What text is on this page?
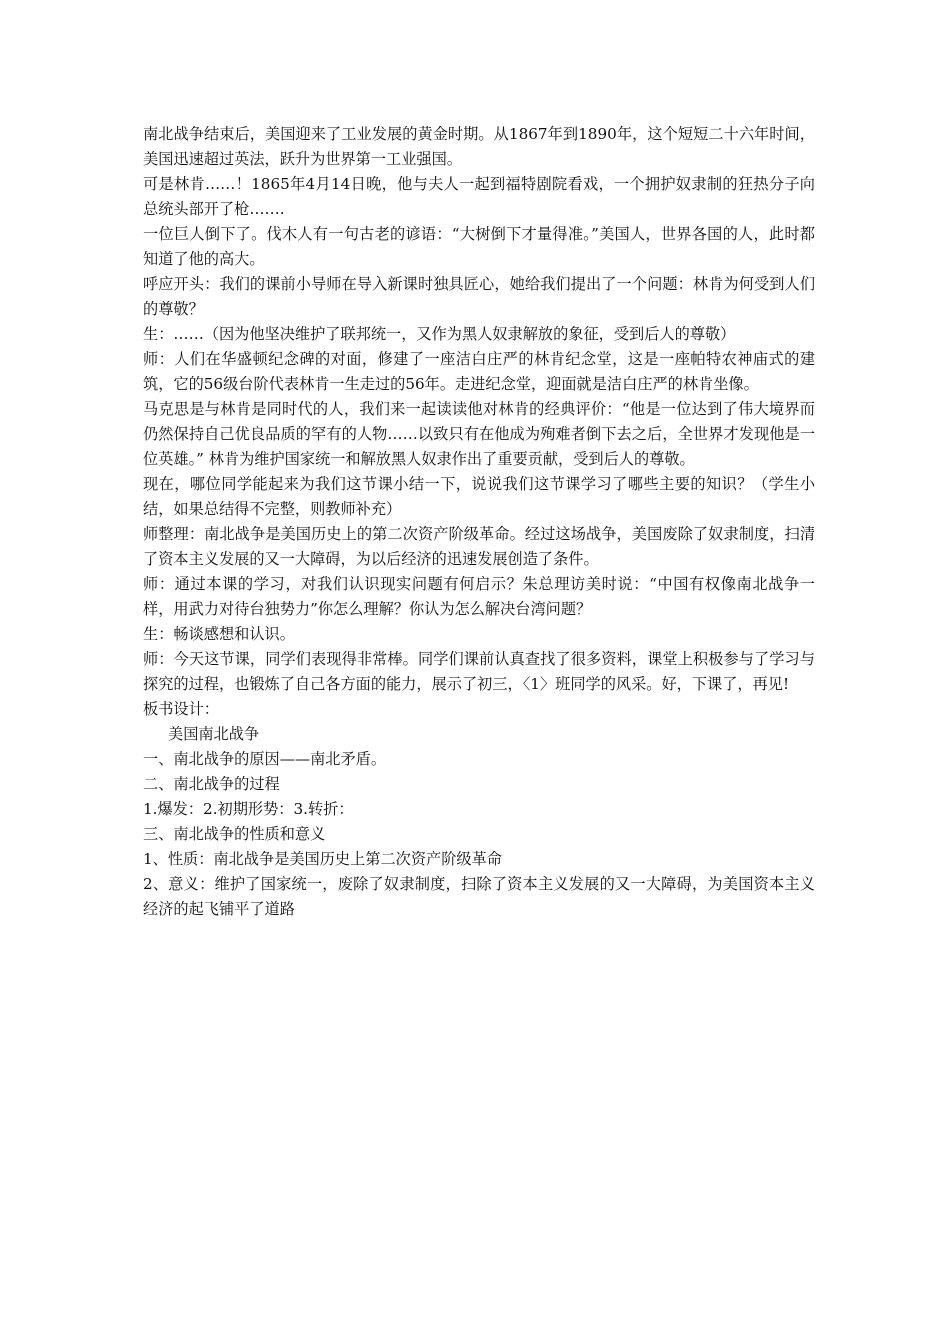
南北战争结束后，美国迎来了工业发展的黄金时期。从1867年到1890年，这个短短二十六年时间，美国迅速超过英法，跃升为世界第一工业强国。

可是林肯……！1865年4月14日晚，他与夫人一起到福特剧院看戏，一个拥护奴隶制的狂热分子向总统头部开了枪…….

一位巨人倒下了。伐木人有一句古老的谚语：“大树倒下才量得准。”美国人，世界各国的人，此时都知道了他的高大。

呼应开头：我们的课前小导师在导入新课时独具匠心，她给我们提出了一个问题：林肯为何受到人们的尊敬？

生：……（因为他坚决维护了联邦统一，又作为黑人奴隶解放的象征，受到后人的尊敬）

师：人们在华盛顿纪念碑的对面，修建了一座洁白庄严的林肯纪念堂，这是一座帕特农神庙式的建筑，它的56级台阶代表林肯一生走过的56年。走进纪念堂，迎面就是洁白庄严的林肯坐像。

马克思是与林肯是同时代的人，我们来一起读读他对林肯的经典评价：“他是一位达到了伟大境界而仍然保持自己优良品质的罕有的人物……以致只有在他成为殉难者倒下去之后，全世界才发现他是一位英雄。” 林肯为维护国家统一和解放黑人奴隶作出了重要贡献，受到后人的尊敬。

现在，哪位同学能起来为我们这节课小结一下，说说我们这节课学习了哪些主要的知识？（学生小结，如果总结得不完整，则教师补充）

师整理：南北战争是美国历史上的第二次资产阶级革命。经过这场战争，美国废除了奴隶制度，扫清了资本主义发展的又一大障碍，为以后经济的迅速发展创造了条件。

师：通过本课的学习，对我们认识现实问题有何启示？朱总理访美时说：“中国有权像南北战争一样，用武力对待台独势力”你怎么理解？你认为怎么解决台湾问题？

生：畅谈感想和认识。

师：今天这节课，同学们表现得非常棒。同学们课前认真查找了很多资料，课堂上积极参与了学习与探究的过程，也锻炼了自己各方面的能力，展示了初三，〈1〉班同学的风采。好，下课了，再见!

板书设计：

美国南北战争

一、南北战争的原因——南北矛盾。

二、南北战争的过程

1.爆发：2.初期形势：3.转折：

三、南北战争的性质和意义

1、性质：南北战争是美国历史上第二次资产阶级革命

2、意义：维护了国家统一，废除了奴隶制度，扫除了资本主义发展的又一大障碍，为美国资本主义经济的起飞铺平了道路
